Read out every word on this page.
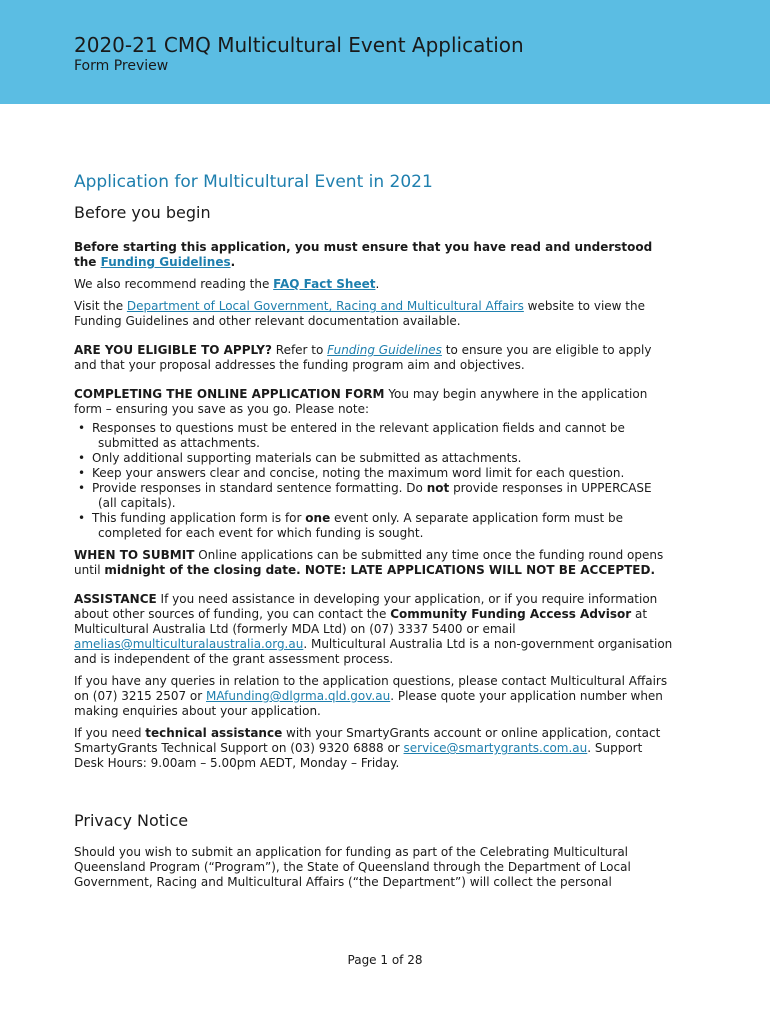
2020-21 CMQ Multicultural Event Application
Form Preview
Application for Multicultural Event in 2021
Before you begin

Before starting this application, you must ensure that you have read and understood the Funding Guidelines.

We also recommend reading the FAQ Fact Sheet.

Visit the Department of Local Government, Racing and Multicultural Affairs website to view the Funding Guidelines and other relevant documentation available.

ARE YOU ELIGIBLE TO APPLY? Refer to Funding Guidelines to ensure you are eligible to apply and that your proposal addresses the funding program aim and objectives.

COMPLETING THE ONLINE APPLICATION FORM You may begin anywhere in the application form – ensuring you save as you go. Please note:

• Responses to questions must be entered in the relevant application fields and cannot be submitted as attachments.
• Only additional supporting materials can be submitted as attachments.
• Keep your answers clear and concise, noting the maximum word limit for each question.
• Provide responses in standard sentence formatting. Do not provide responses in UPPERCASE (all capitals).
• This funding application form is for one event only. A separate application form must be completed for each event for which funding is sought.

WHEN TO SUBMIT Online applications can be submitted any time once the funding round opens until midnight of the closing date. NOTE: LATE APPLICATIONS WILL NOT BE ACCEPTED.

ASSISTANCE If you need assistance in developing your application, or if you require information about other sources of funding, you can contact the Community Funding Access Advisor at Multicultural Australia Ltd (formerly MDA Ltd) on (07) 3337 5400 or email amelias@multiculturalaustralia.org.au. Multicultural Australia Ltd is a non-government organisation and is independent of the grant assessment process.

If you have any queries in relation to the application questions, please contact Multicultural Affairs on (07) 3215 2507 or MAfunding@dlgrma.qld.gov.au. Please quote your application number when making enquiries about your application.

If you need technical assistance with your SmartyGrants account or online application, contact SmartyGrants Technical Support on (03) 9320 6888 or service@smartygrants.com.au. Support Desk Hours: 9.00am – 5.00pm AEDT, Monday – Friday.

Privacy Notice

Should you wish to submit an application for funding as part of the Celebrating Multicultural Queensland Program (“Program”), the State of Queensland through the Department of Local Government, Racing and Multicultural Affairs (“the Department”) will collect the personal

Page 1 of 28
